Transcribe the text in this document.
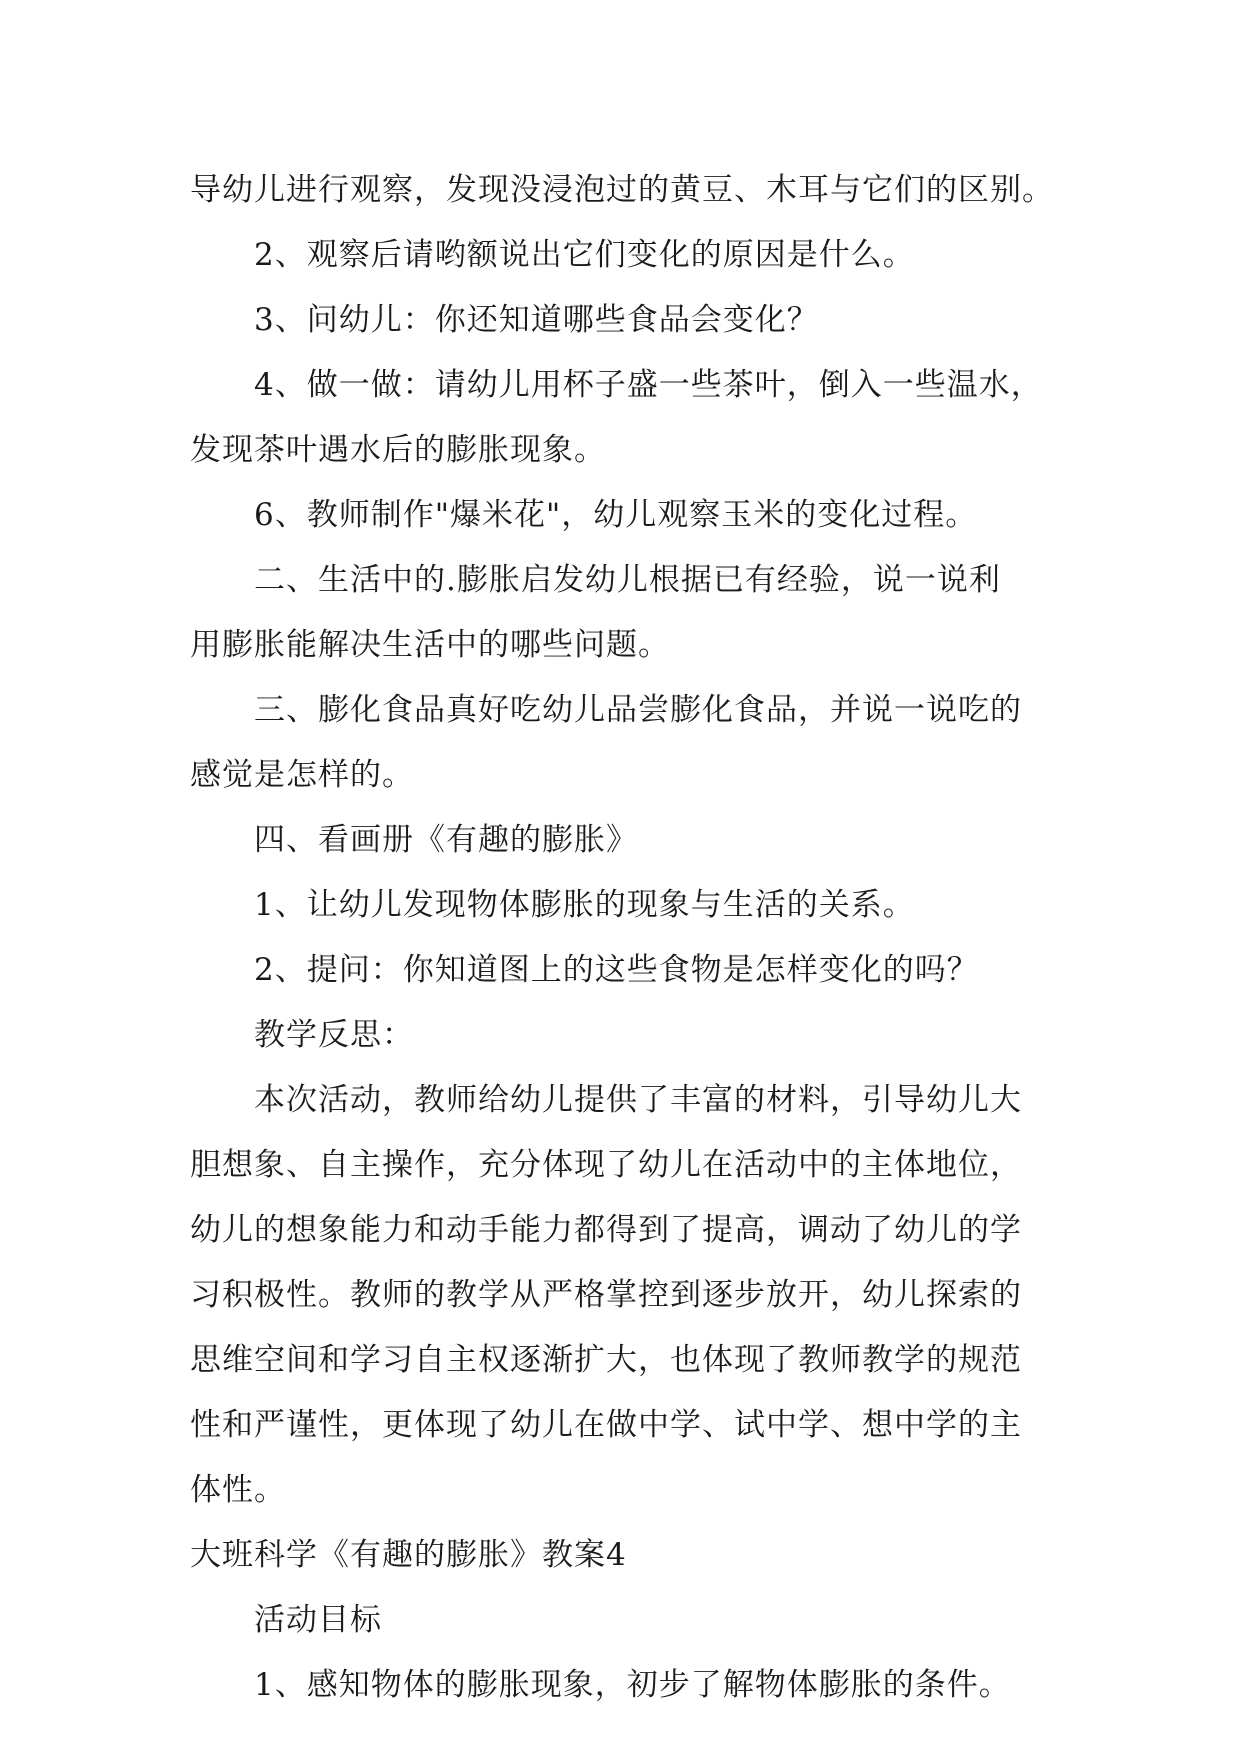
导幼儿进行观察，发现没浸泡过的黄豆、木耳与它们的区别。
2、观察后请哟额说出它们变化的原因是什么。
3、问幼儿：你还知道哪些食品会变化？
4、做一做：请幼儿用杯子盛一些茶叶，倒入一些温水，
发现茶叶遇水后的膨胀现象。
6、教师制作"爆米花"，幼儿观察玉米的变化过程。
二、生活中的.膨胀启发幼儿根据已有经验，说一说利
用膨胀能解决生活中的哪些问题。
三、膨化食品真好吃幼儿品尝膨化食品，并说一说吃的
感觉是怎样的。
四、看画册《有趣的膨胀》
1、让幼儿发现物体膨胀的现象与生活的关系。
2、提问：你知道图上的这些食物是怎样变化的吗？
教学反思：
本次活动，教师给幼儿提供了丰富的材料，引导幼儿大
胆想象、自主操作，充分体现了幼儿在活动中的主体地位，
幼儿的想象能力和动手能力都得到了提高，调动了幼儿的学
习积极性。教师的教学从严格掌控到逐步放开，幼儿探索的
思维空间和学习自主权逐渐扩大，也体现了教师教学的规范
性和严谨性，更体现了幼儿在做中学、试中学、想中学的主
体性。
大班科学《有趣的膨胀》教案4
活动目标
1、感知物体的膨胀现象，初步了解物体膨胀的条件。
